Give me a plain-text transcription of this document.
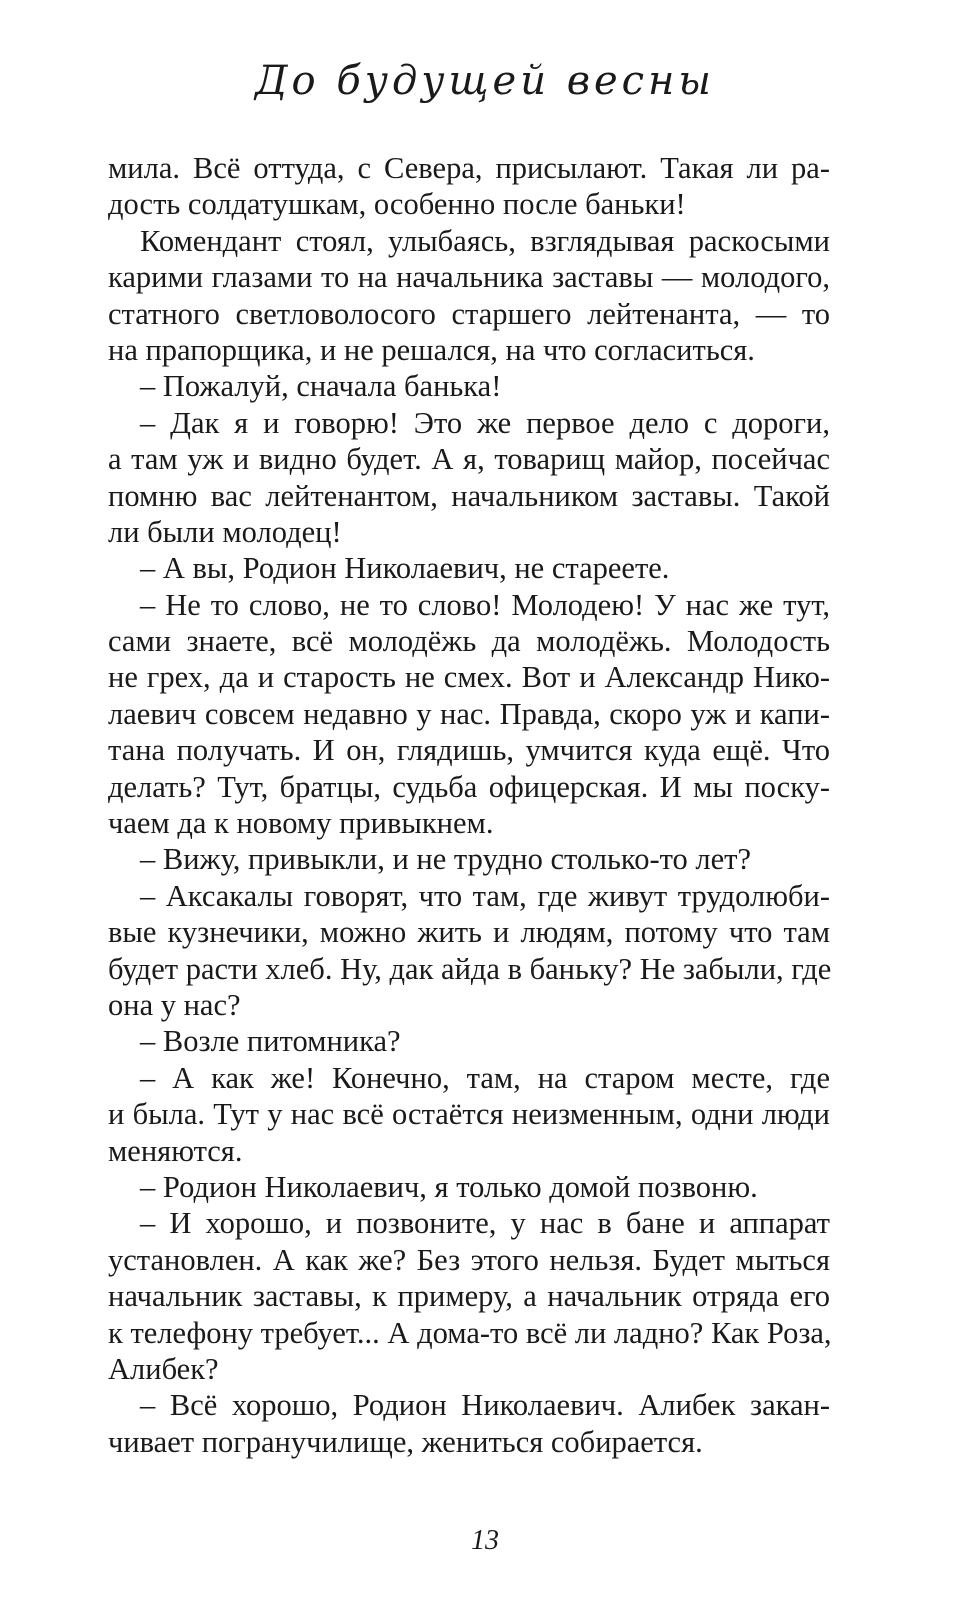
До будущей весны
мила. Всё оттуда, с Севера, присылают. Такая ли ра-
дость солдатушкам, особенно после баньки!
Комендант стоял, улыбаясь, взглядывая раскосыми
карими глазами то на начальника заставы — молодого,
статного светловолосого старшего лейтенанта, — то
на прапорщика, и не решался, на что согласиться.
– Пожалуй, сначала банька!
– Дак я и говорю! Это же первое дело с дороги,
а там уж и видно будет. А я, товарищ майор, посейчас
помню вас лейтенантом, начальником заставы. Такой
ли были молодец!
– А вы, Родион Николаевич, не стареете.
– Не то слово, не то слово! Молодею! У нас же тут,
сами знаете, всё молодёжь да молодёжь. Молодость
не грех, да и старость не смех. Вот и Александр Нико-
лаевич совсем недавно у нас. Правда, скоро уж и капи-
тана получать. И он, глядишь, умчится куда ещё. Что
делать? Тут, братцы, судьба офицерская. И мы поску-
чаем да к новому привыкнем.
– Вижу, привыкли, и не трудно столько-то лет?
– Аксакалы говорят, что там, где живут трудолюби-
вые кузнечики, можно жить и людям, потому что там
будет расти хлеб. Ну, дак айда в баньку? Не забыли, где
она у нас?
– Возле питомника?
– А как же! Конечно, там, на старом месте, где
и была. Тут у нас всё остаётся неизменным, одни люди
меняются.
– Родион Николаевич, я только домой позвоню.
– И хорошо, и позвоните, у нас в бане и аппарат
установлен. А как же? Без этого нельзя. Будет мыться
начальник заставы, к примеру, а начальник отряда его
к телефону требует... А дома-то всё ли ладно? Как Роза,
Алибек?
– Всё хорошо, Родион Николаевич. Алибек закан-
чивает погранучилище, жениться собирается.
13
